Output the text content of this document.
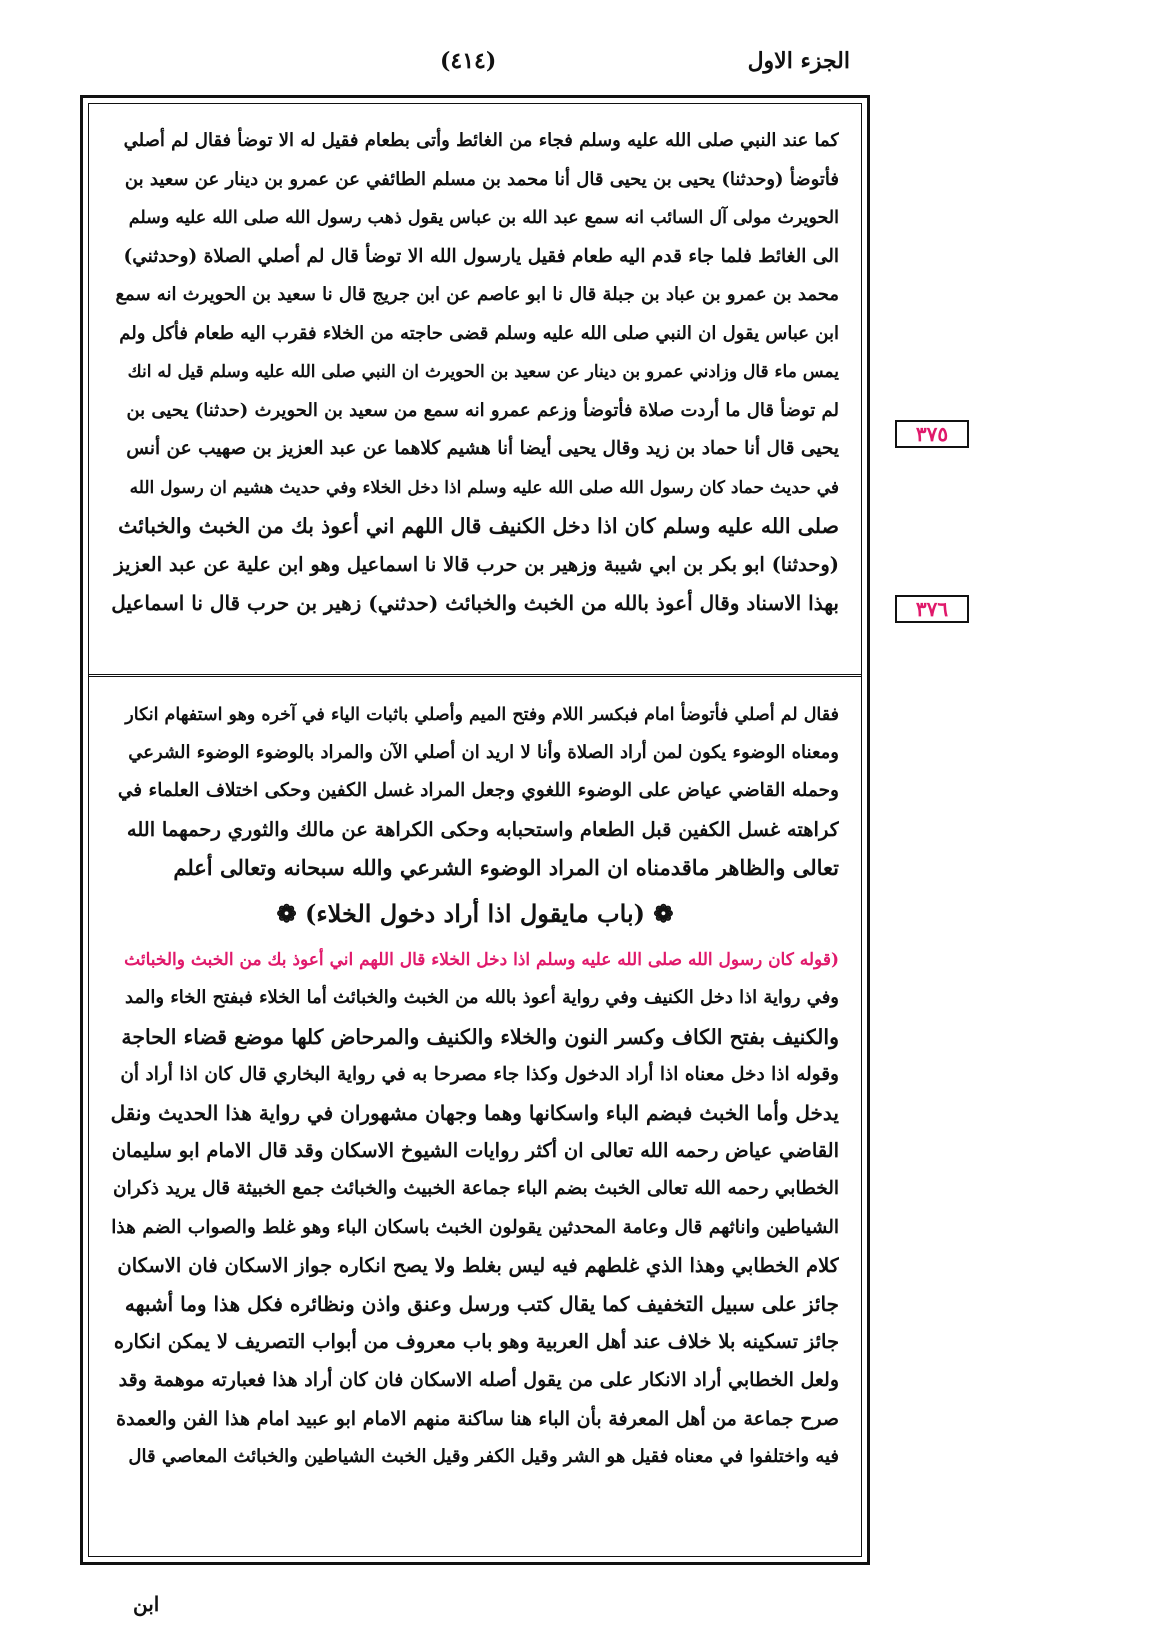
الجزء الاول
(٤١٤)
كما عند النبي صلى الله عليه وسلم فجاء من الغائط وأتى بطعام فقيل له الا توضأ فقال لم أصلي
فأتوضأ (وحدثنا) يحيى بن يحيى قال أنا محمد بن مسلم الطائفي عن عمرو بن دينار عن سعيد بن
الحويرث مولى آل السائب انه سمع عبد الله بن عباس يقول ذهب رسول الله صلى الله عليه وسلم
الى الغائط فلما جاء قدم اليه طعام فقيل يارسول الله الا توضأ قال لم أصلي الصلاة (وحدثني)
محمد بن عمرو بن عباد بن جبلة قال نا ابو عاصم عن ابن جريج قال نا سعيد بن الحويرث انه سمع
ابن عباس يقول ان النبي صلى الله عليه وسلم قضى حاجته من الخلاء فقرب اليه طعام فأكل ولم
يمس ماء قال وزادني عمرو بن دينار عن سعيد بن الحويرث ان النبي صلى الله عليه وسلم قيل له انك
لم توضأ قال ما أردت صلاة فأتوضأ وزعم عمرو انه سمع من سعيد بن الحويرث (حدثنا) يحيى بن
يحيى قال أنا حماد بن زيد وقال يحيى أيضا أنا هشيم كلاهما عن عبد العزيز بن صهيب عن أنس
في حديث حماد كان رسول الله صلى الله عليه وسلم اذا دخل الخلاء وفي حديث هشيم ان رسول الله
صلى الله عليه وسلم كان اذا دخل الكنيف قال اللهم اني أعوذ بك من الخبث والخبائث
(وحدثنا) ابو بكر بن ابي شيبة وزهير بن حرب قالا نا اسماعيل وهو ابن علية عن عبد العزيز
بهذا الاسناد وقال أعوذ بالله من الخبث والخبائث (حدثني) زهير بن حرب قال نا اسماعيل
فقال لم أصلي فأتوضأ امام فبكسر اللام وفتح الميم وأصلي باثبات الياء في آخره وهو استفهام انكار
ومعناه الوضوء يكون لمن أراد الصلاة وأنا لا اريد ان أصلي الآن والمراد بالوضوء الوضوء الشرعي
وحمله القاضي عياض على الوضوء اللغوي وجعل المراد غسل الكفين وحكى اختلاف العلماء في
كراهته غسل الكفين قبل الطعام واستحبابه وحكى الكراهة عن مالك والثوري رحمهما الله
تعالى والظاهر ماقدمناه ان المراد الوضوء الشرعي والله سبحانه وتعالى أعلم
❁ (باب مايقول اذا أراد دخول الخلاء) ❁
(قوله كان رسول الله صلى الله عليه وسلم اذا دخل الخلاء قال اللهم اني أعوذ بك من الخبث والخبائث
وفي رواية اذا دخل الكنيف وفي رواية أعوذ بالله من الخبث والخبائث أما الخلاء فبفتح الخاء والمد
والكنيف بفتح الكاف وكسر النون والخلاء والكنيف والمرحاض كلها موضع قضاء الحاجة
وقوله اذا دخل معناه اذا أراد الدخول وكذا جاء مصرحا به في رواية البخاري قال كان اذا أراد أن
يدخل وأما الخبث فبضم الباء واسكانها وهما وجهان مشهوران في رواية هذا الحديث ونقل
القاضي عياض رحمه الله تعالى ان أكثر روايات الشيوخ الاسكان وقد قال الامام ابو سليمان
الخطابي رحمه الله تعالى الخبث بضم الباء جماعة الخبيث والخبائث جمع الخبيثة قال يريد ذكران
الشياطين واناثهم قال وعامة المحدثين يقولون الخبث باسكان الباء وهو غلط والصواب الضم هذا
كلام الخطابي وهذا الذي غلطهم فيه ليس بغلط ولا يصح انكاره جواز الاسكان فان الاسكان
جائز على سبيل التخفيف كما يقال كتب ورسل وعنق واذن ونظائره فكل هذا وما أشبهه
جائز تسكينه بلا خلاف عند أهل العربية وهو باب معروف من أبواب التصريف لا يمكن انكاره
ولعل الخطابي أراد الانكار على من يقول أصله الاسكان فان كان أراد هذا فعبارته موهمة وقد
صرح جماعة من أهل المعرفة بأن الباء هنا ساكنة منهم الامام ابو عبيد امام هذا الفن والعمدة
فيه واختلفوا في معناه فقيل هو الشر وقيل الكفر وقيل الخبث الشياطين والخبائث المعاصي قال
٣٧٥
٣٧٦
ابن
